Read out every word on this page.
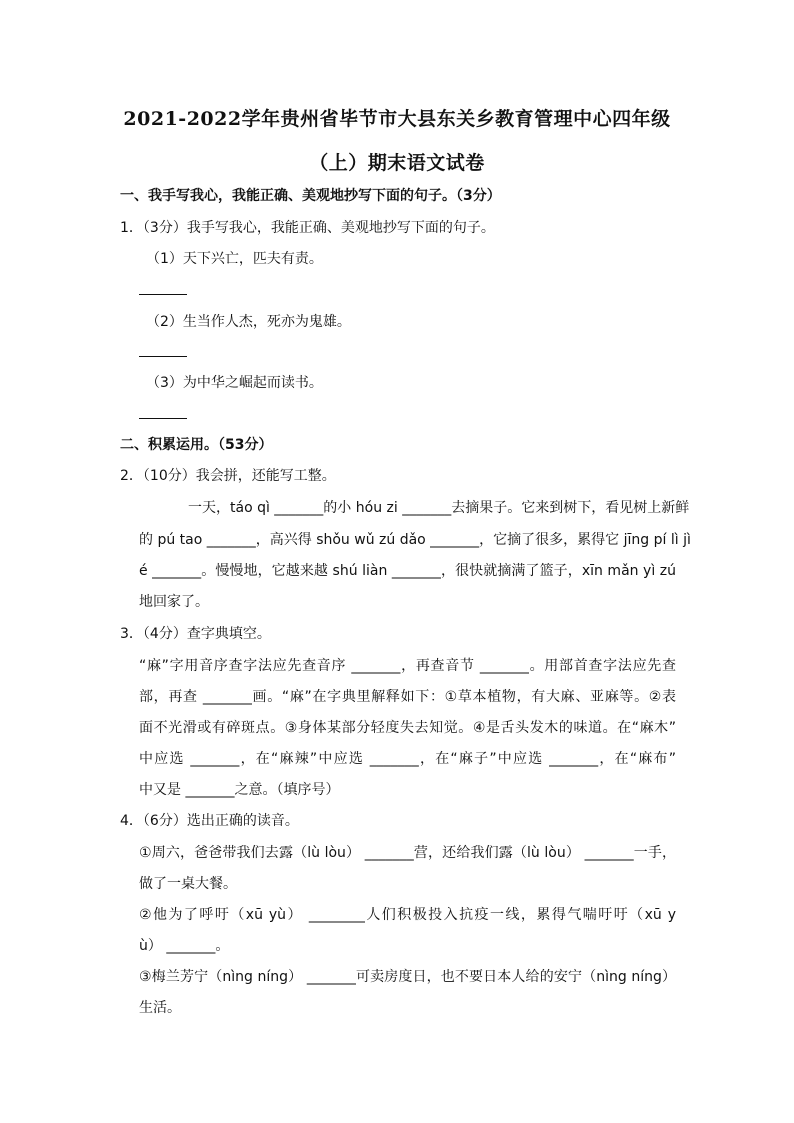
2021-2022学年贵州省毕节市大县东关乡教育管理中心四年级
（上）期末语文试卷
一、我手写我心，我能正确、美观地抄写下面的句子。（3分）
1．（3分）我手写我心，我能正确、美观地抄写下面的句子。
（1）天下兴亡，匹夫有责。
（2）生当作人杰，死亦为鬼雄。
（3）为中华之崛起而读书。
二、积累运用。（53分）
2．（10分）我会拼，还能写工整。
一天，táo qì _______的小 hóu zi _______去摘果子。它来到树下，看见树上新鲜
的 pú tao _______，高兴得 shǒu wǔ zú dǎo _______，它摘了很多，累得它 jīng pí lì jì
é _______。慢慢地，它越来越 shú liàn _______，很快就摘满了篮子，xīn mǎn yì zú
地回家了。
3．（4分）查字典填空。
“麻”字用音序查字法应先查音序 _______，再查音节 _______。用部首查字法应先查
部，再查 _______画。“麻”在字典里解释如下：①草本植物，有大麻、亚麻等。②表
面不光滑或有碎斑点。③身体某部分轻度失去知觉。④是舌头发木的味道。在“麻木”
中应选 _______，在“麻辣”中应选 _______，在“麻子”中应选 _______，在“麻布”
中又是 _______之意。（填序号）
4．（6分）选出正确的读音。
①周六，爸爸带我们去露（lù lòu） _______营，还给我们露（lù lòu） _______一手，
做了一桌大餐。
②他为了呼吁（xū yù） ________人们积极投入抗疫一线，累得气喘吁吁（xū y
ù） _______。
③梅兰芳宁（nìng níng） _______可卖房度日，也不要日本人给的安宁（nìng níng）
生活。
